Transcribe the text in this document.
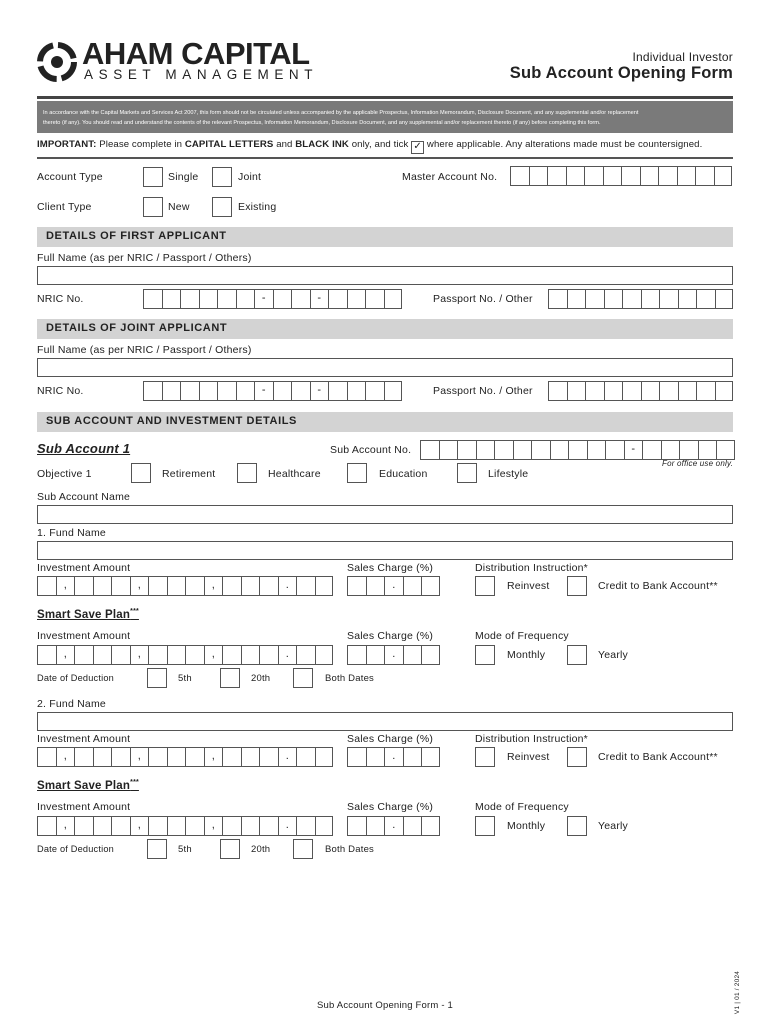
AHAM CAPITAL
ASSET MANAGEMENT
Individual Investor
Sub Account Opening Form
In accordance with the Capital Markets and Services Act 2007, this form should not be circulated unless accompanied by the applicable Prospectus, Information Memorandum, Disclosure Document, and any supplemental and/or replacement
thereto (if any). You should read and understand the contents of the relevant Prospectus, Information Memorandum, Disclosure Document, and any supplemental and/or replacement thereto (if any) before completing this form.
IMPORTANT: Please complete in CAPITAL LETTERS and BLACK INK only, and tick ✓ where applicable. Any alterations made must be countersigned.
Account Type	Single	Joint	Master Account No.
Client Type	New	Existing
DETAILS OF FIRST APPLICANT
Full Name (as per NRIC / Passport / Others)
NRIC No.	-	-	Passport No. / Other
DETAILS OF JOINT APPLICANT
Full Name (as per NRIC / Passport / Others)
NRIC No.	-	-	Passport No. / Other
SUB ACCOUNT AND INVESTMENT DETAILS
Sub Account 1	Sub Account No.	-
For office use only.
Objective 1	Retirement	Healthcare	Education	Lifestyle
Sub Account Name
1. Fund Name
Investment Amount
,	,	,	.
Sales Charge (%)
.
Distribution Instruction*
Reinvest	Credit to Bank Account**
Smart Save Plan***
Investment Amount
,	,	,	.
Sales Charge (%)
.
Mode of Frequency
Monthly	Yearly
Date of Deduction	5th	20th	Both Dates
2. Fund Name
Investment Amount
,	,	,	.
Sales Charge (%)
.
Distribution Instruction*
Reinvest	Credit to Bank Account**
Smart Save Plan***
Investment Amount
,	,	,	.
Sales Charge (%)
.
Mode of Frequency
Monthly	Yearly
Date of Deduction	5th	20th	Both Dates
Sub Account Opening Form - 1	V1 | 01 / 2024
